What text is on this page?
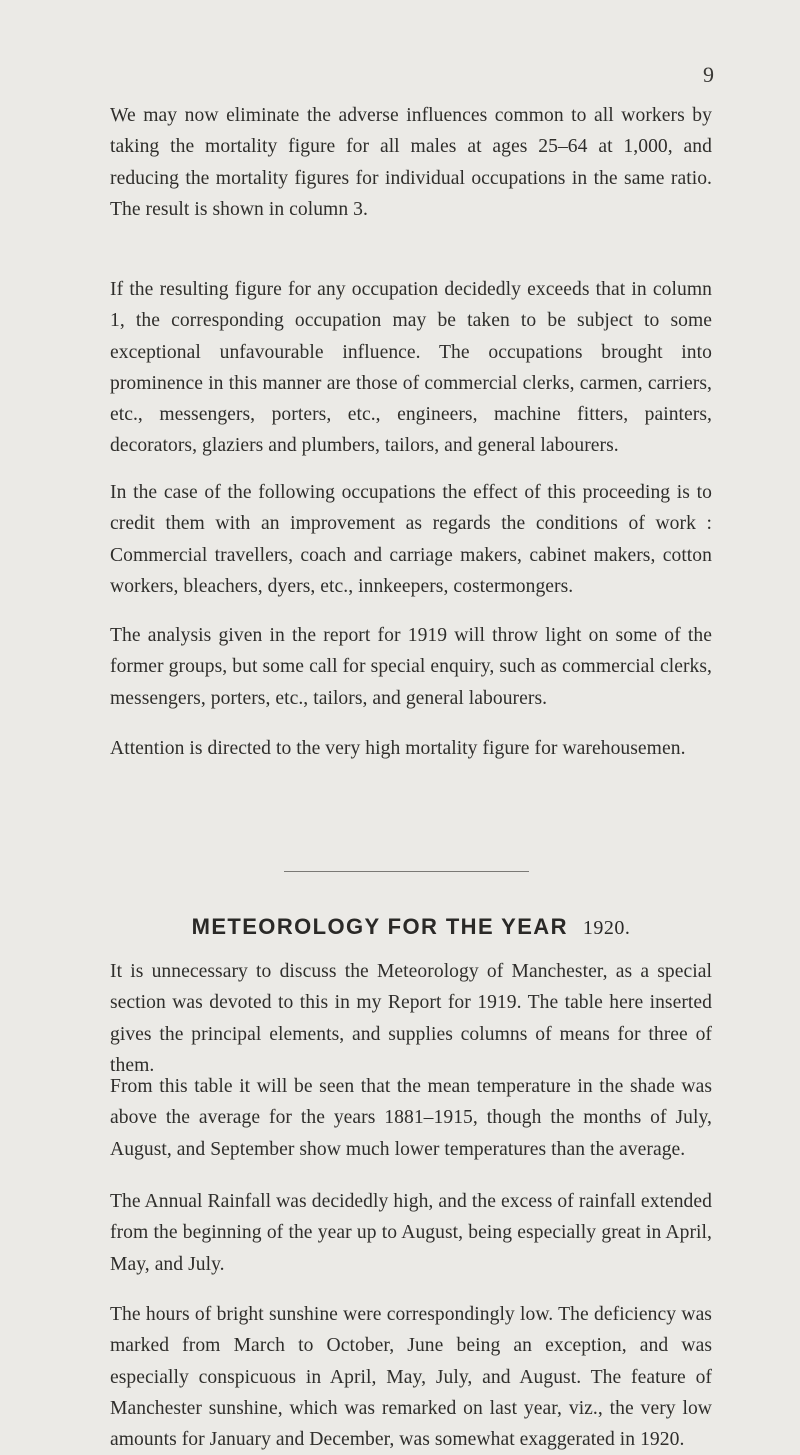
9

We may now eliminate the adverse influences common to all workers by taking the mortality figure for all males at ages 25–64 at 1,000, and reducing the mortality figures for individual occupations in the same ratio. The result is shown in column 3.

If the resulting figure for any occupation decidedly exceeds that in column 1, the corresponding occupation may be taken to be subject to some exceptional unfavourable influence. The occupations brought into prominence in this manner are those of commercial clerks, carmen, carriers, etc., messengers, porters, etc., engineers, machine fitters, painters, decorators, glaziers and plumbers, tailors, and general labourers.

In the case of the following occupations the effect of this proceeding is to credit them with an improvement as regards the conditions of work : Commercial travellers, coach and carriage makers, cabinet makers, cotton workers, bleachers, dyers, etc., innkeepers, costermongers.

The analysis given in the report for 1919 will throw light on some of the former groups, but some call for special enquiry, such as commercial clerks, messengers, porters, etc., tailors, and general labourers.

Attention is directed to the very high mortality figure for warehousemen.

METEOROLOGY FOR THE YEAR 1920.

It is unnecessary to discuss the Meteorology of Manchester, as a special section was devoted to this in my Report for 1919. The table here inserted gives the principal elements, and supplies columns of means for three of them.

From this table it will be seen that the mean temperature in the shade was above the average for the years 1881–1915, though the months of July, August, and September show much lower temperatures than the average.

The Annual Rainfall was decidedly high, and the excess of rainfall extended from the beginning of the year up to August, being especially great in April, May, and July.

The hours of bright sunshine were correspondingly low. The deficiency was marked from March to October, June being an exception, and was especially conspicuous in April, May, July, and August. The feature of Manchester sunshine, which was remarked on last year, viz., the very low amounts for January and December, was somewhat exaggerated in 1920.
